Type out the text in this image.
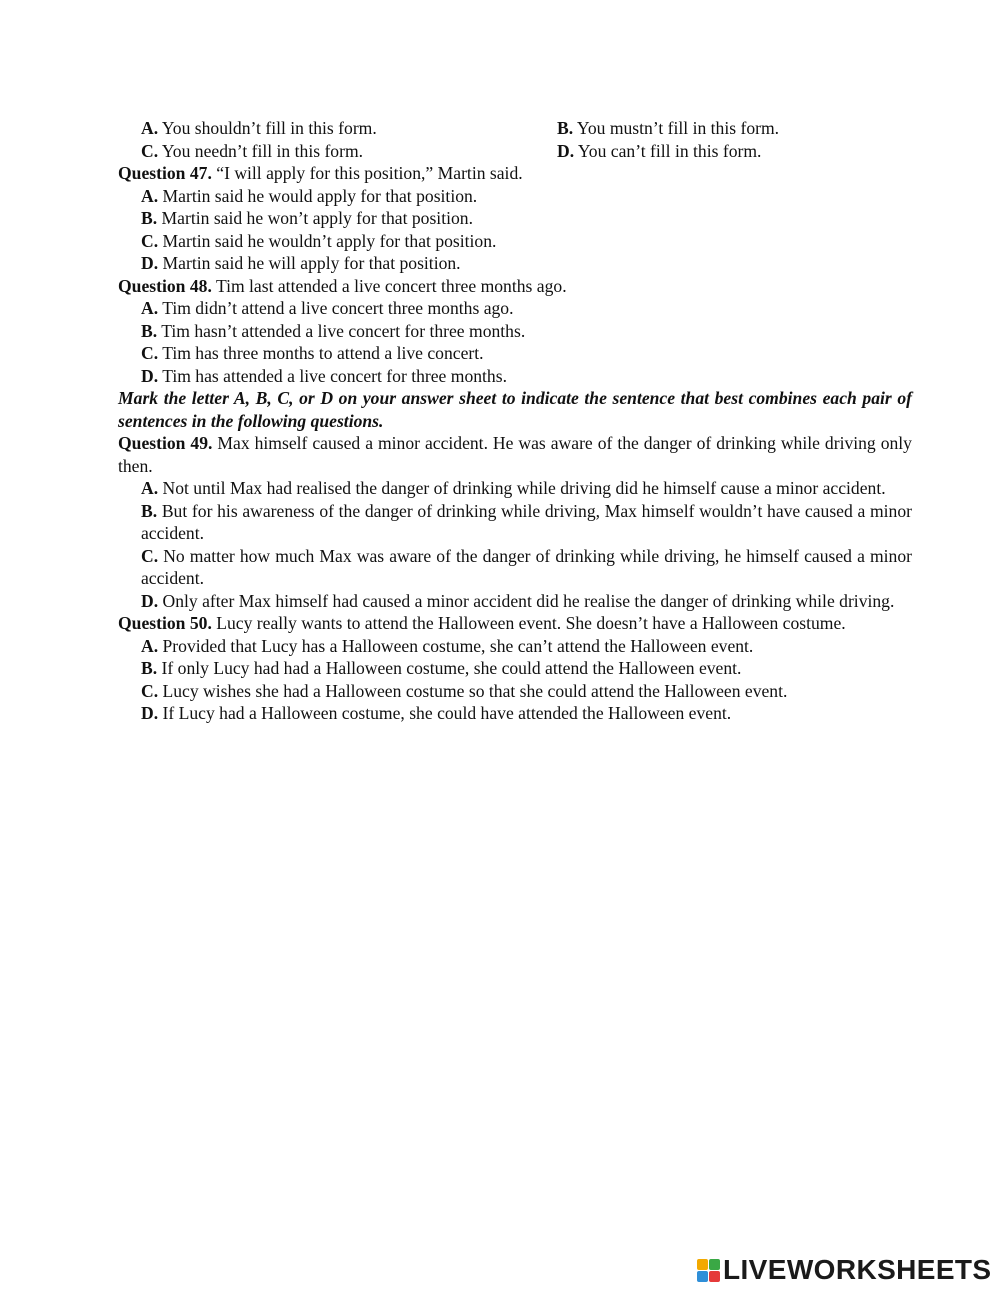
A. You shouldn’t fill in this form.	B. You mustn’t fill in this form.
C. You needn’t fill in this form.	D. You can’t fill in this form.

Question 47. “I will apply for this position,” Martin said.

A. Martin said he would apply for that position.

B. Martin said he won’t apply for that position.

C. Martin said he wouldn’t apply for that position.

D. Martin said he will apply for that position.

Question 48. Tim last attended a live concert three months ago.

A. Tim didn’t attend a live concert three months ago.

B. Tim hasn’t attended a live concert for three months.

C. Tim has three months to attend a live concert.

D. Tim has attended a live concert for three months.

Mark the letter A, B, C, or D on your answer sheet to indicate the sentence that best combines each pair of sentences in the following questions.

Question 49. Max himself caused a minor accident. He was aware of the danger of drinking while driving only then.

A. Not until Max had realised the danger of drinking while driving did he himself cause a minor accident.

B. But for his awareness of the danger of drinking while driving, Max himself wouldn’t have caused a minor accident.

C. No matter how much Max was aware of the danger of drinking while driving, he himself caused a minor accident.

D. Only after Max himself had caused a minor accident did he realise the danger of drinking while driving.

Question 50. Lucy really wants to attend the Halloween event. She doesn’t have a Halloween costume.

A. Provided that Lucy has a Halloween costume, she can’t attend the Halloween event.

B. If only Lucy had had a Halloween costume, she could attend the Halloween event.

C. Lucy wishes she had a Halloween costume so that she could attend the Halloween event.

D. If Lucy had a Halloween costume, she could have attended the Halloween event.

LIVEWORKSHEETS
